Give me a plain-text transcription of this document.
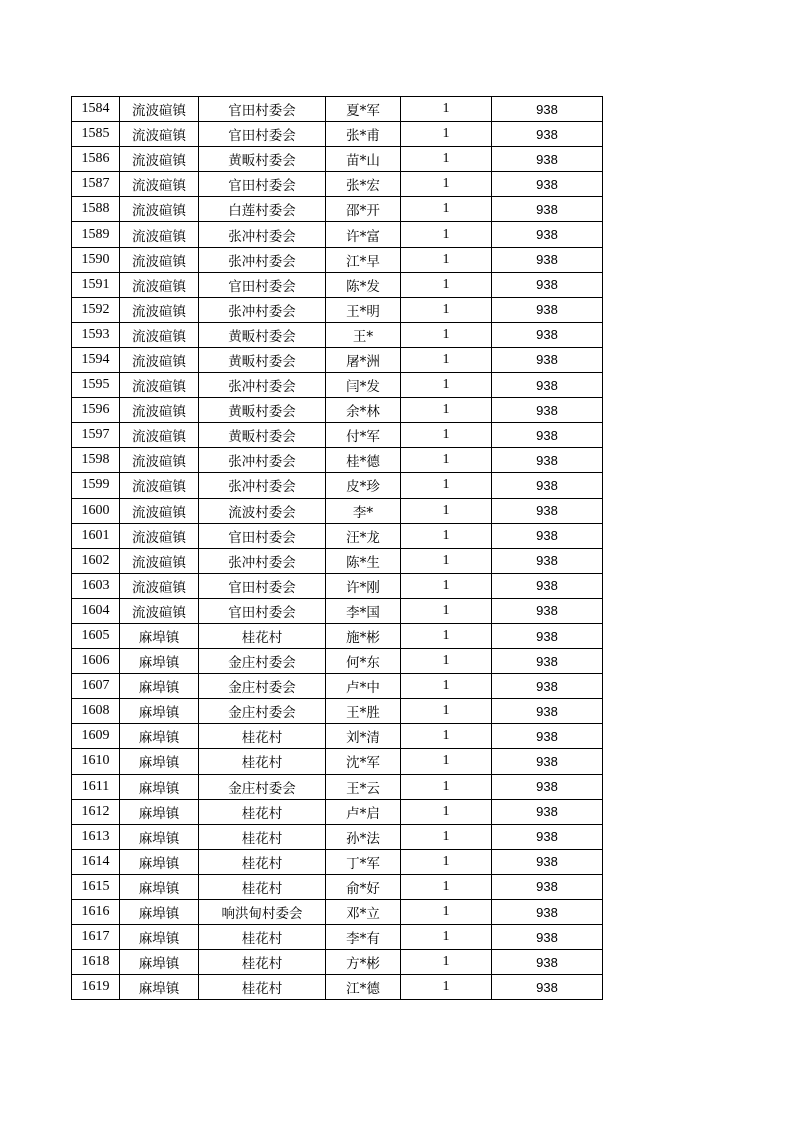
1584	流波碹镇	官田村委会	夏*军	1	938
1585	流波碹镇	官田村委会	张*甫	1	938
1586	流波碹镇	黄畈村委会	苗*山	1	938
1587	流波碹镇	官田村委会	张*宏	1	938
1588	流波碹镇	白莲村委会	邵*开	1	938
1589	流波碹镇	张冲村委会	许*富	1	938
1590	流波碹镇	张冲村委会	江*早	1	938
1591	流波碹镇	官田村委会	陈*发	1	938
1592	流波碹镇	张冲村委会	王*明	1	938
1593	流波碹镇	黄畈村委会	王*	1	938
1594	流波碹镇	黄畈村委会	屠*洲	1	938
1595	流波碹镇	张冲村委会	闫*发	1	938
1596	流波碹镇	黄畈村委会	余*林	1	938
1597	流波碹镇	黄畈村委会	付*军	1	938
1598	流波碹镇	张冲村委会	桂*德	1	938
1599	流波碹镇	张冲村委会	皮*珍	1	938
1600	流波碹镇	流波村委会	李*	1	938
1601	流波碹镇	官田村委会	汪*龙	1	938
1602	流波碹镇	张冲村委会	陈*生	1	938
1603	流波碹镇	官田村委会	许*刚	1	938
1604	流波碹镇	官田村委会	李*国	1	938
1605	麻埠镇	桂花村	施*彬	1	938
1606	麻埠镇	金庄村委会	何*东	1	938
1607	麻埠镇	金庄村委会	卢*中	1	938
1608	麻埠镇	金庄村委会	王*胜	1	938
1609	麻埠镇	桂花村	刘*清	1	938
1610	麻埠镇	桂花村	沈*军	1	938
1611	麻埠镇	金庄村委会	王*云	1	938
1612	麻埠镇	桂花村	卢*启	1	938
1613	麻埠镇	桂花村	孙*法	1	938
1614	麻埠镇	桂花村	丁*军	1	938
1615	麻埠镇	桂花村	俞*好	1	938
1616	麻埠镇	响洪甸村委会	邓*立	1	938
1617	麻埠镇	桂花村	李*有	1	938
1618	麻埠镇	桂花村	方*彬	1	938
1619	麻埠镇	桂花村	江*德	1	938
